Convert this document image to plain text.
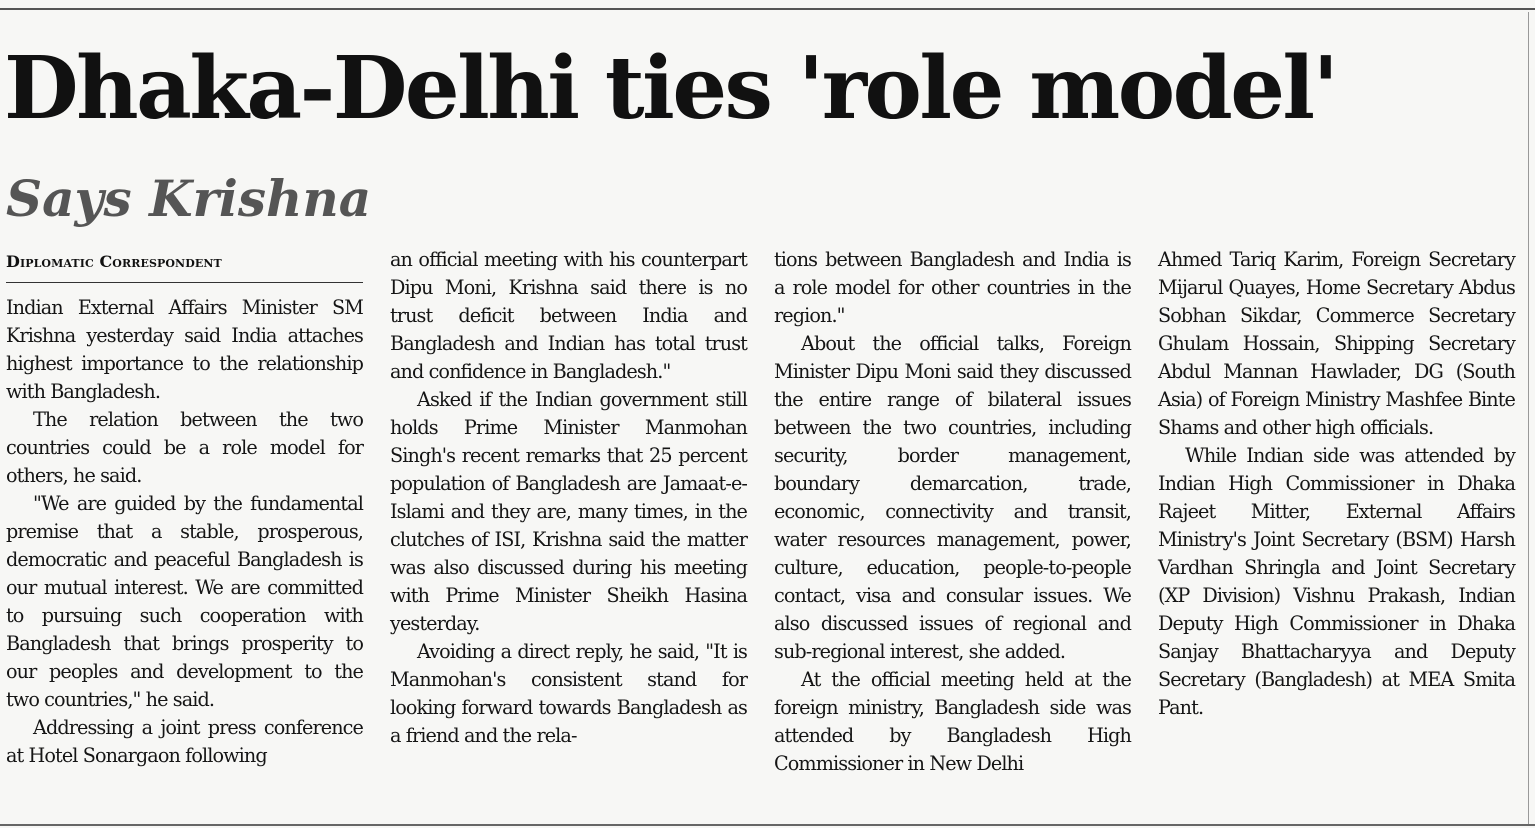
Dhaka-Delhi ties 'role model'
Says Krishna
Diplomatic Correspondent

Indian External Affairs Minister SM Krishna yesterday said India attaches highest importance to the relationship with Bangladesh.

The relation between the two countries could be a role model for others, he said.

"We are guided by the fundamental premise that a stable, prosperous, democratic and peaceful Bangladesh is our mutual interest. We are committed to pursuing such cooperation with Bangladesh that brings prosperity to our peoples and development to the two countries," he said.

Addressing a joint press conference at Hotel Sonargaon following

an official meeting with his counterpart Dipu Moni, Krishna said there is no trust deficit between India and Bangladesh and Indian has total trust and confidence in Bangladesh."

Asked if the Indian government still holds Prime Minister Manmohan Singh's recent remarks that 25 percent population of Bangladesh are Jamaat-e-Islami and they are, many times, in the clutches of ISI, Krishna said the matter was also discussed during his meeting with Prime Minister Sheikh Hasina yesterday.

Avoiding a direct reply, he said, "It is Manmohan's consistent stand for looking forward towards Bangladesh as a friend and the rela-

tions between Bangladesh and India is a role model for other countries in the region."

About the official talks, Foreign Minister Dipu Moni said they discussed the entire range of bilateral issues between the two countries, including security, border management, boundary demarcation, trade, economic, connectivity and transit, water resources management, power, culture, education, people-to-people contact, visa and consular issues. We also discussed issues of regional and sub-regional interest, she added.

At the official meeting held at the foreign ministry, Bangladesh side was attended by Bangladesh High Commissioner in New Delhi

Ahmed Tariq Karim, Foreign Secretary Mijarul Quayes, Home Secretary Abdus Sobhan Sikdar, Commerce Secretary Ghulam Hossain, Shipping Secretary Abdul Mannan Hawlader, DG (South Asia) of Foreign Ministry Mashfee Binte Shams and other high officials.

While Indian side was attended by Indian High Commissioner in Dhaka Rajeet Mitter, External Affairs Ministry's Joint Secretary (BSM) Harsh Vardhan Shringla and Joint Secretary (XP Division) Vishnu Prakash, Indian Deputy High Commissioner in Dhaka Sanjay Bhattacharyya and Deputy Secretary (Bangladesh) at MEA Smita Pant.
